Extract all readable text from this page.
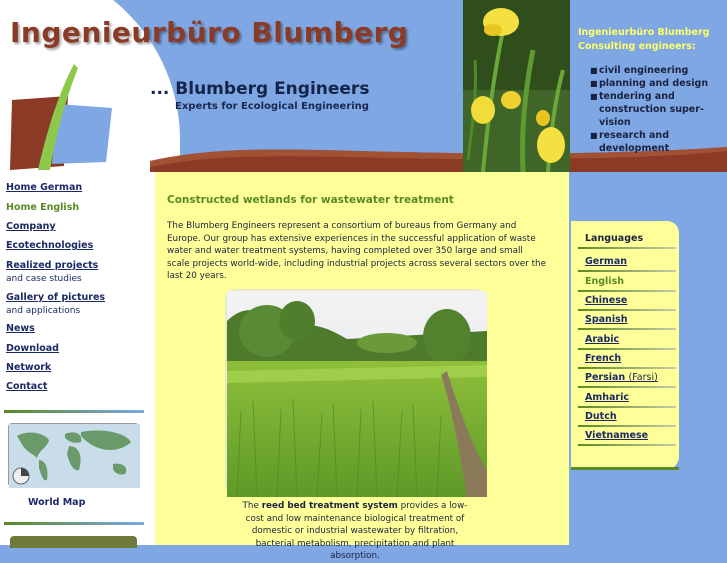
Ingenieurbüro Blumberg
... Blumberg Engineers
Experts for Ecological Engineering
Ingenieurbüro Blumberg
Consulting engineers:
■ civil engineering
■ planning and design
■ tendering and
construction super-
vision
■ research and
development
Home German
Home English
Company
Ecotechnologies
Realized projects
and case studies
Gallery of pictures
and applications
News
Download
Network
Contact
World Map
Constructed wetlands for wastewater treatment
The Blumberg Engineers represent a consortium of bureaus from Germany and Europe. Our group has extensive experiences in the successful application of waste water and water treatment systems, having completed over 350 large and small scale projects world-wide, including industrial projects across several sectors over the last 20 years.
The reed bed treatment system provides a low-cost and low maintenance biological treatment of domestic or industrial wastewater by filtration, bacterial metabolism, precipitation and plant absorption.
Languages
German
English
Chinese
Spanish
Arabic
French
Persian (Farsi)
Amharic
Dutch
Vietnamese
